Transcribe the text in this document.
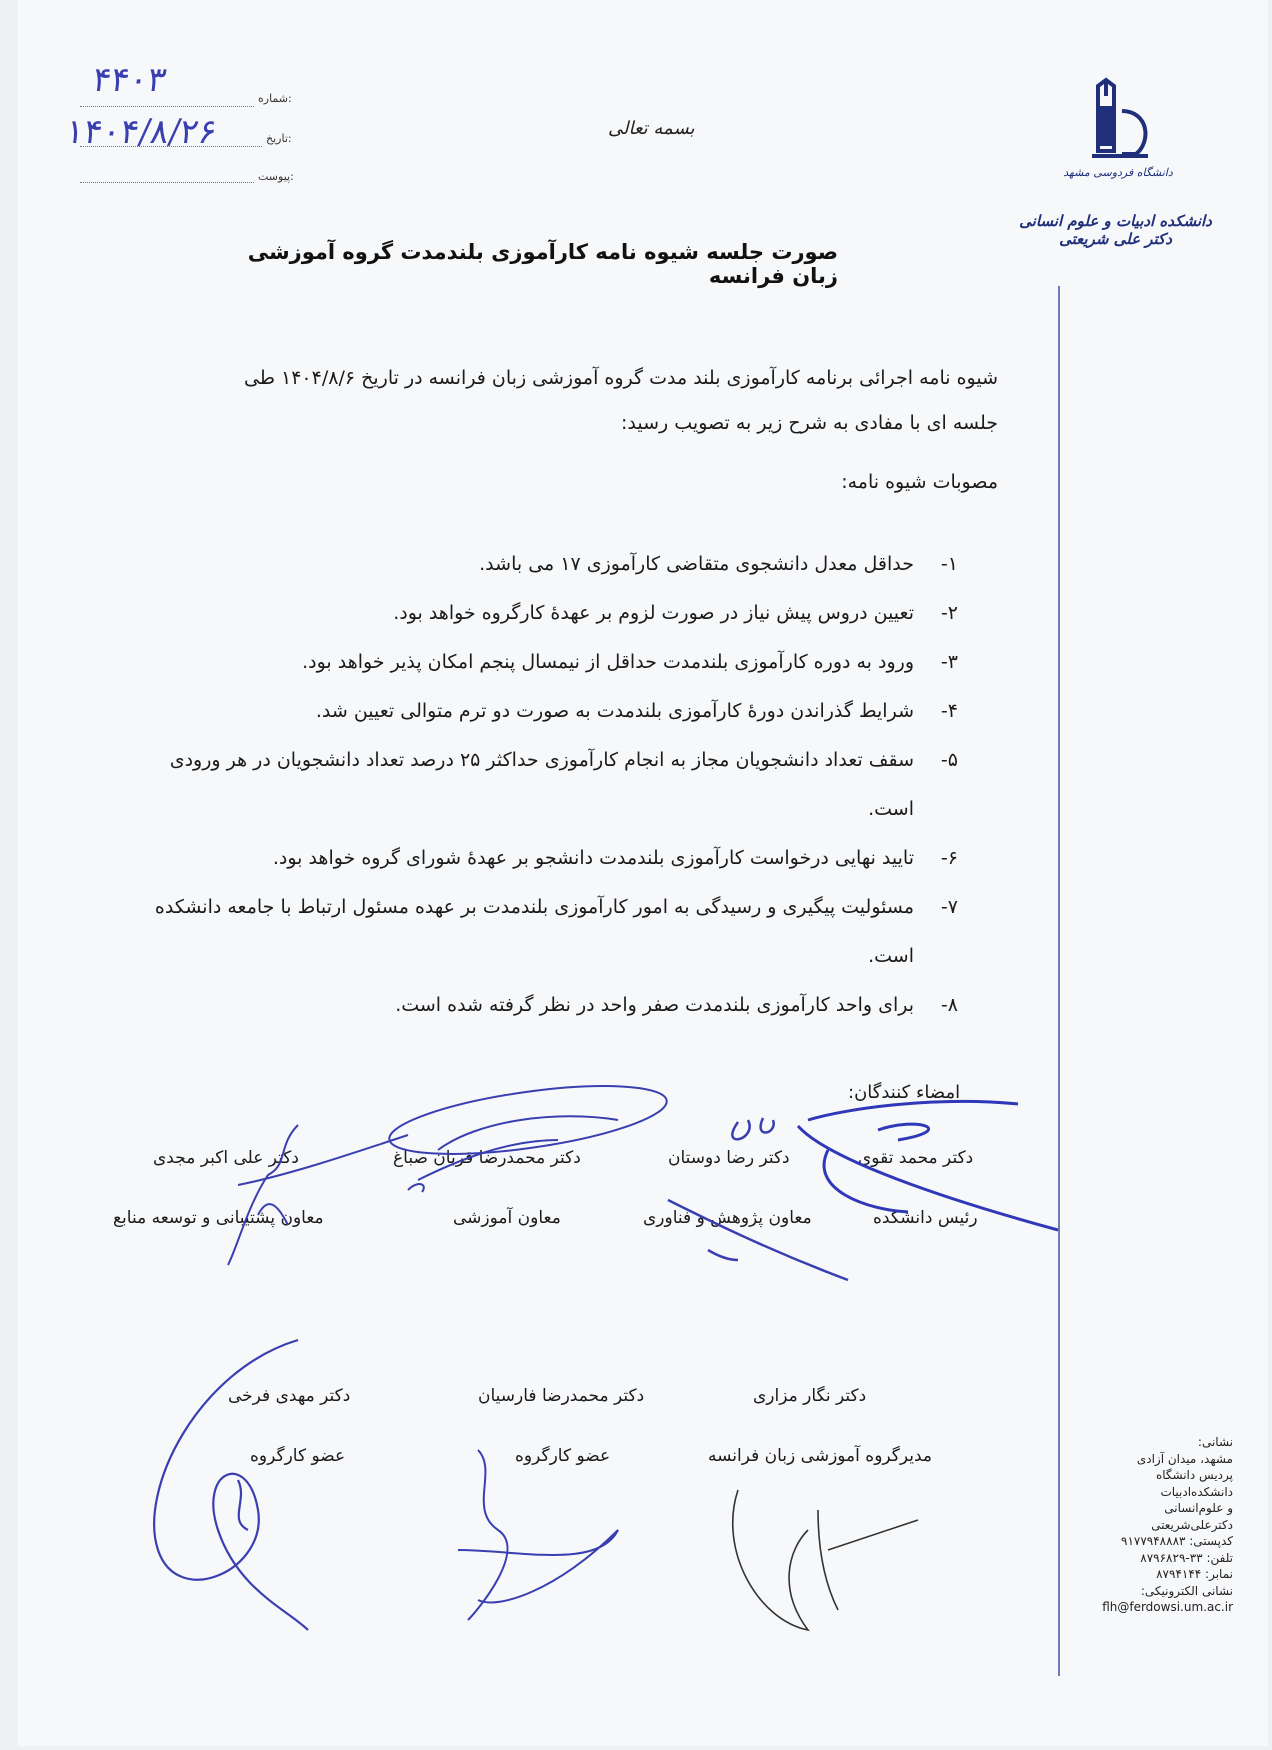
شماره:
۴۴۰۳
تاریخ:
۱۴۰۴/۸/۲۶
پیوست:
بسمه تعالی
دانشگاه فردوسی مشهد
دانشکده ادبیات و علوم انسانی دکتر علی شریعتی
صورت جلسه شیوه نامه کارآموزی بلندمدت گروه آموزشی زبان فرانسه

شیوه نامه اجرائی برنامه کارآموزی بلند مدت گروه آموزشی زبان فرانسه در تاریخ ۱۴۰۴/۸/۶ طی

جلسه ای با مفادی به شرح زیر به تصویب رسید:

مصوبات شیوه نامه:

۱-
حداقل معدل دانشجوی متقاضی کارآموزی ۱۷ می باشد.
۲-
تعیین دروس پیش نیاز در صورت لزوم بر عهدۀ کارگروه خواهد بود.
۳-
ورود به دوره کارآموزی بلندمدت حداقل از نیمسال پنجم امکان پذیر خواهد بود.
۴-
شرایط گذراندن دورۀ کارآموزی بلندمدت به صورت دو ترم متوالی تعیین شد.
۵-
سقف تعداد دانشجویان مجاز به انجام کارآموزی حداکثر ۲۵ درصد تعداد دانشجویان در هر ورودی است.
۶-
تایید نهایی درخواست کارآموزی بلندمدت دانشجو بر عهدۀ شورای گروه خواهد بود.
۷-
مسئولیت پیگیری و رسیدگی به امور کارآموزی بلندمدت بر عهده مسئول ارتباط با جامعه دانشکده است.
۸-
برای واحد کارآموزی بلندمدت صفر واحد در نظر گرفته شده است.
امضاء کنندگان:
دکتر محمد تقوی
رئیس دانشکده
دکتر رضا دوستان
معاون پژوهش و فناوری
دکتر محمدرضا قربان صباغ
معاون آموزشی
دکتر علی اکبر مجدی
معاون پشتیبانی و توسعه منابع
دکتر نگار مزاری
مدیرگروه آموزشی زبان فرانسه
دکتر محمدرضا فارسیان
عضو کارگروه
دکتر مهدی فرخی
عضو کارگروه
نشانی:
مشهد، میدان آزادی
پردیس دانشگاه
دانشکده‌ادبیات
و علوم‌انسانی
دکترعلی‌شریعتی
کدپستی: ۹۱۷۷۹۴۸۸۸۳
تلفن: ۳۳-۸۷۹۶۸۲۹
نمابر: ۸۷۹۴۱۴۴
نشانی الکترونیکی:
flh@ferdowsi.um.ac.ir
